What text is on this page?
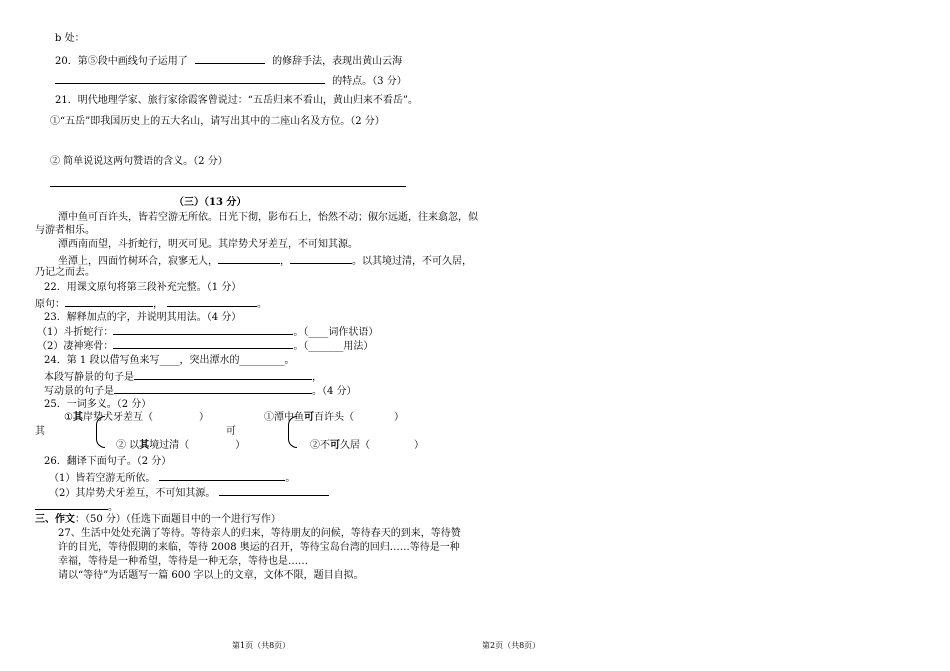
b 处：
20．第⑤段中画线句子运用了	的修辞手法，表现出黄山云海
的特点。（3 分）
21．明代地理学家、旅行家徐霞客曾说过：“五岳归来不看山，黄山归来不看岳”。
①“五岳”即我国历史上的五大名山，请写出其中的二座山名及方位。（2 分）
② 简单说说这两句赞语的含义。（2 分）
（三）（13 分）
潭中鱼可百许头，皆若空游无所依。日光下彻，影布石上，怡然不动；俶尔远逝，往来翕忽，似
与游者相乐。
潭西南而望，斗折蛇行，明灭可见。其岸势犬牙差互，不可知其源。
坐潭上，四面竹树环合，寂寥无人，	，	。以其境过清，不可久居，
乃记之而去。
22．用课文原句将第三段补充完整。（1 分）
原句：	，	。
23．解释加点的字，并说明其用法。（4 分）
（1）斗折蛇行：	。（____词作状语）
（2）凄神寒骨：	。（_______用法）
24．第 1 段以借写鱼来写____，突出潭水的_________。
本段写静景的句子是	，
写动景的句子是	。（4 分）
25．一词多义。（2 分）
其
①其岸势犬牙差互（	）
② 以其境过清（	）
可
①潭中鱼可百许头（	）
②不可久居（	）
26．翻译下面句子。（2 分）
（1）皆若空游无所依。	。
（2）其岸势犬牙差互，不可知其源。
。
三、作文：（50 分）（任选下面题目中的一个进行写作）
27、生活中处处充满了等待。等待亲人的归来，等待朋友的问候，等待春天的到来，等待赞
许的目光，等待假期的来临，等待 2008 奥运的召开，等待宝岛台湾的回归……等待是一种
幸福，等待是一种希望，等待是一种无奈，等待也是……
请以“等待”为话题写一篇 600 字以上的文章，文体不限，题目自拟。
第1页（共8页）	第2页（共8页）
